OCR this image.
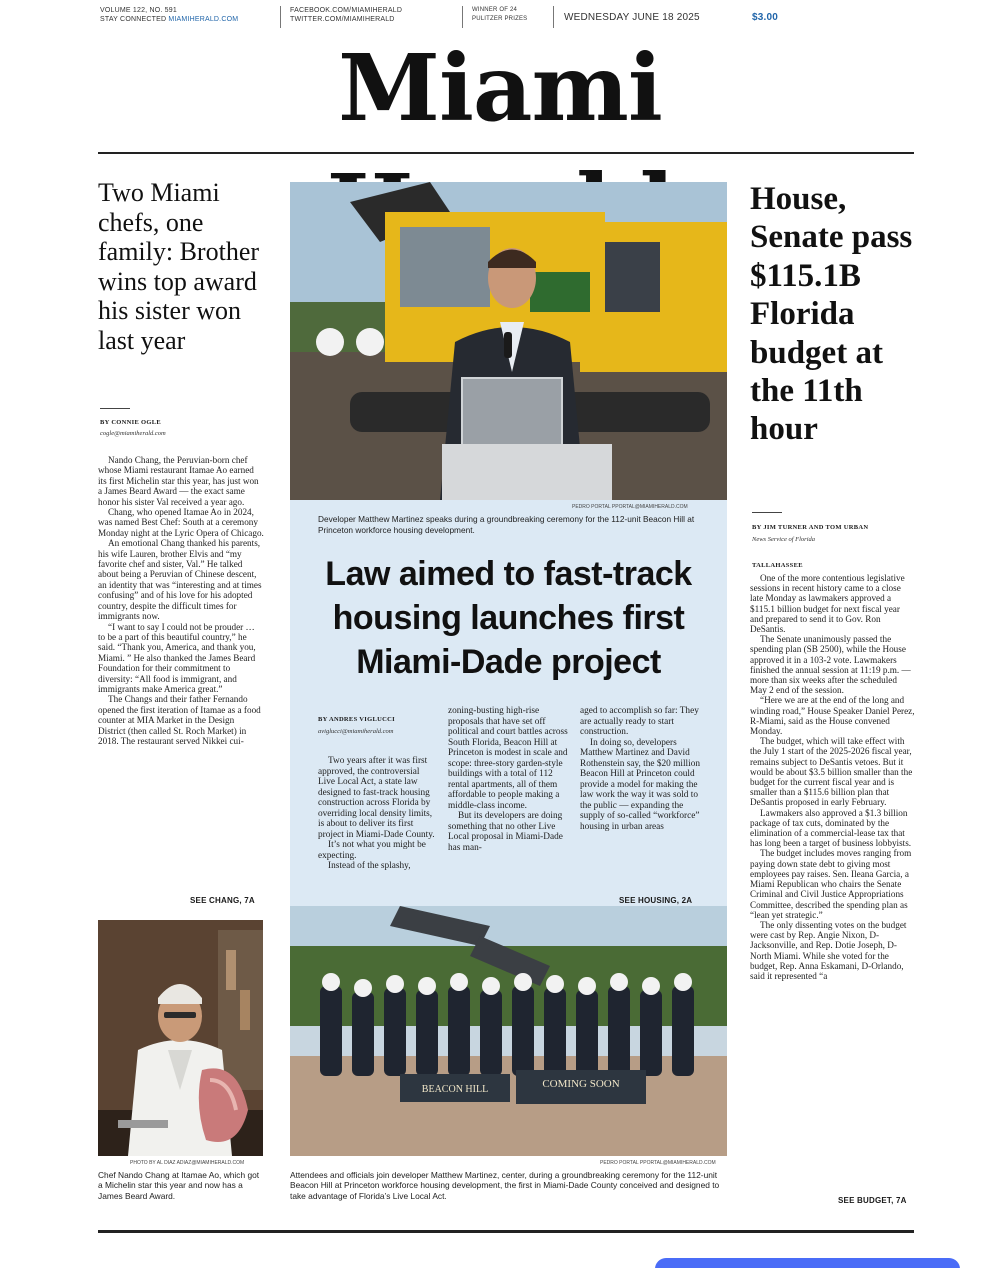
VOLUME 122, NO. 591
STAY CONNECTED MIAMIHERALD.COM
FACEBOOK.COM/MIAMIHERALD
TWITTER.COM/MIAMIHERALD
WINNER OF 24
PULITZER PRIZES	WEDNESDAY JUNE 18 2025	$3.00
Miami
Two Miami chefs, one family: Brother wins top award his sister won last year
BY CONNIE OGLE
cogle@miamiherald.com

Nando Chang, the Peruvian-born chef whose Miami restaurant Itamae Ao earned its first Michelin star this year, has just won a James Beard Award — the exact same honor his sister Val received a year ago.

Chang, who opened Itamae Ao in 2024, was named Best Chef: South at a ceremony Monday night at the Lyric Opera of Chicago.

An emotional Chang thanked his parents, his wife Lauren, brother Elvis and “my favorite chef and sister, Val.” He talked about being a Peruvian of Chinese descent, an identity that was “interesting and at times confusing” and of his love for his adopted country, despite the difficult times for immigrants now.

“I want to say I could not be prouder … to be a part of this beautiful country,” he said. “Thank you, America, and thank you, Miami. ” He also thanked the James Beard Foundation for their commitment to diversity: “All food is immigrant, and immigrants make America great.”

The Changs and their father Fernando opened the first iteration of Itamae as a food counter at MIA Market in the Design District (then called St. Roch Market) in 2018. The restaurant served Nikkei cui-

SEE CHANG, 7A
PHOTO BY AL DIAZ ADIAZ@MIAMIHERALD.COM
Chef Nando Chang at Itamae Ao, which got a Michelin star this year and now has a James Beard Award.
PEDRO PORTAL PPORTAL@MIAMIHERALD.COM
Developer Matthew Martinez speaks during a groundbreaking ceremony for the 112-unit Beacon Hill at Princeton workforce housing development.
Law aimed to fast-track housing launches first Miami-Dade project
BY ANDRES VIGLUCCI
aviglucci@miamiherald.com

Two years after it was first approved, the controversial Live Local Act, a state law designed to fast-track housing construction across Florida by overriding local density limits, is about to deliver its first project in Miami-Dade County.

It’s not what you might be expecting.

Instead of the splashy,

zoning-busting high-rise proposals that have set off political and court battles across South Florida, Beacon Hill at Princeton is modest in scale and scope: three-story garden-style buildings with a total of 112 rental apartments, all of them affordable to people making a middle-class income.

But its developers are doing something that no other Live Local proposal in Miami-Dade has man-

aged to accomplish so far: They are actually ready to start construction.

In doing so, developers Matthew Martinez and David Rothenstein say, the $20 million Beacon Hill at Princeton could provide a model for making the law work the way it was sold to the public — expanding the supply of so-called “workforce” housing in urban areas

SEE HOUSING, 2A
BEACON HILL	COMING SOON
PEDRO PORTAL PPORTAL@MIAMIHERALD.COM
Attendees and officials join developer Matthew Martinez, center, during a groundbreaking ceremony for the 112-unit Beacon Hill at Princeton workforce housing development, the first in Miami-Dade County conceived and designed to take advantage of Florida’s Live Local Act.
House, Senate pass $115.1B Florida budget at the 11th hour
BY JIM TURNER AND TOM URBAN
News Service of Florida
TALLAHASSEE

One of the more contentious legislative sessions in recent history came to a close late Monday as lawmakers approved a $115.1 billion budget for next fiscal year and prepared to send it to Gov. Ron DeSantis.

The Senate unanimously passed the spending plan (SB 2500), while the House approved it in a 103-2 vote. Lawmakers finished the annual session at 11:19 p.m. — more than six weeks after the scheduled May 2 end of the session.

“Here we are at the end of the long and winding road,” House Speaker Daniel Perez, R-Miami, said as the House convened Monday.

The budget, which will take effect with the July 1 start of the 2025-2026 fiscal year, remains subject to DeSantis vetoes. But it would be about $3.5 billion smaller than the budget for the current fiscal year and is smaller than a $115.6 billion plan that DeSantis proposed in early February.

Lawmakers also approved a $1.3 billion package of tax cuts, dominated by the elimination of a commercial-lease tax that has long been a target of business lobbyists.

The budget includes moves ranging from paying down state debt to giving most employees pay raises. Sen. Ileana Garcia, a Miami Republican who chairs the Senate Criminal and Civil Justice Appropriations Committee, described the spending plan as “lean yet strategic.”

The only dissenting votes on the budget were cast by Rep. Angie Nixon, D-Jacksonville, and Rep. Dotie Joseph, D-North Miami. While she voted for the budget, Rep. Anna Eskamani, D-Orlando, said it represented “a

SEE BUDGET, 7A
